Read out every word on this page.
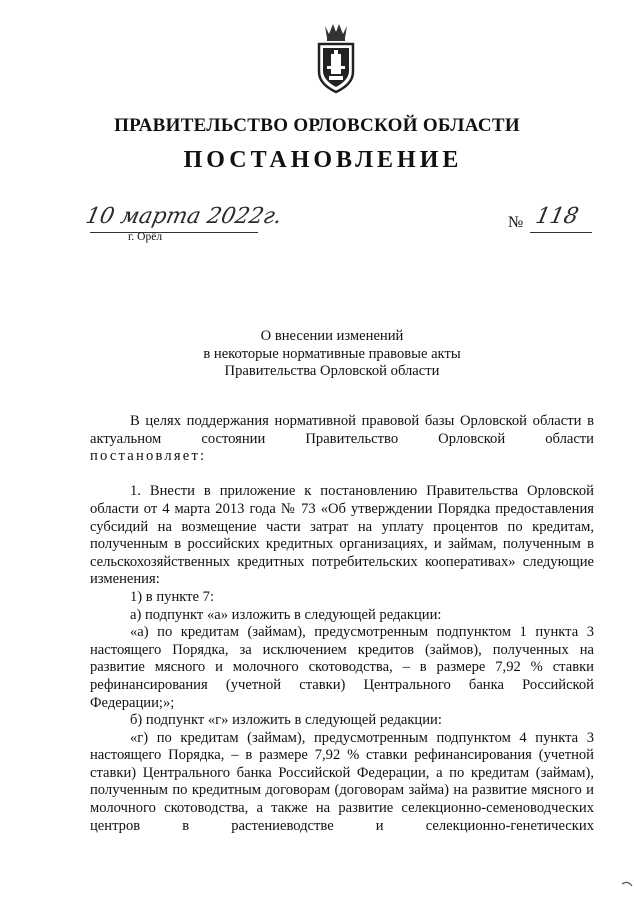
ПРАВИТЕЛЬСТВО ОРЛОВСКОЙ ОБЛАСТИ
ПОСТАНОВЛЕНИЕ
10 марта 2022г.
г. Орёл
№ 118
О внесении изменений
в некоторые нормативные правовые акты
Правительства Орловской области

В целях поддержания нормативной правовой базы Орловской области в актуальном состоянии Правительство Орловской области

постановляет:

1. Внести в приложение к постановлению Правительства Орловской области от 4 марта 2013 года № 73 «Об утверждении Порядка предоставления субсидий на возмещение части затрат на уплату процентов по кредитам, полученным в российских кредитных организациях, и займам, полученным в сельскохозяйственных кредитных потребительских кооперативах» следующие изменения:

1) в пункте 7:

а) подпункт «а» изложить в следующей редакции:

«а) по кредитам (займам), предусмотренным подпунктом 1 пункта 3 настоящего Порядка, за исключением кредитов (займов), полученных на развитие мясного и молочного скотоводства, – в размере 7,92 % ставки рефинансирования (учетной ставки) Центрального банка Российской Федерации;»;

б) подпункт «г» изложить в следующей редакции:

«г) по кредитам (займам), предусмотренным подпунктом 4 пункта 3 настоящего Порядка, – в размере 7,92 % ставки рефинансирования (учетной ставки) Центрального банка Российской Федерации, а по кредитам (займам), полученным по кредитным договорам (договорам займа) на развитие мясного и молочного скотоводства, а также на развитие селекционно-семеноводческих центров в растениеводстве и селекционно-генетических
